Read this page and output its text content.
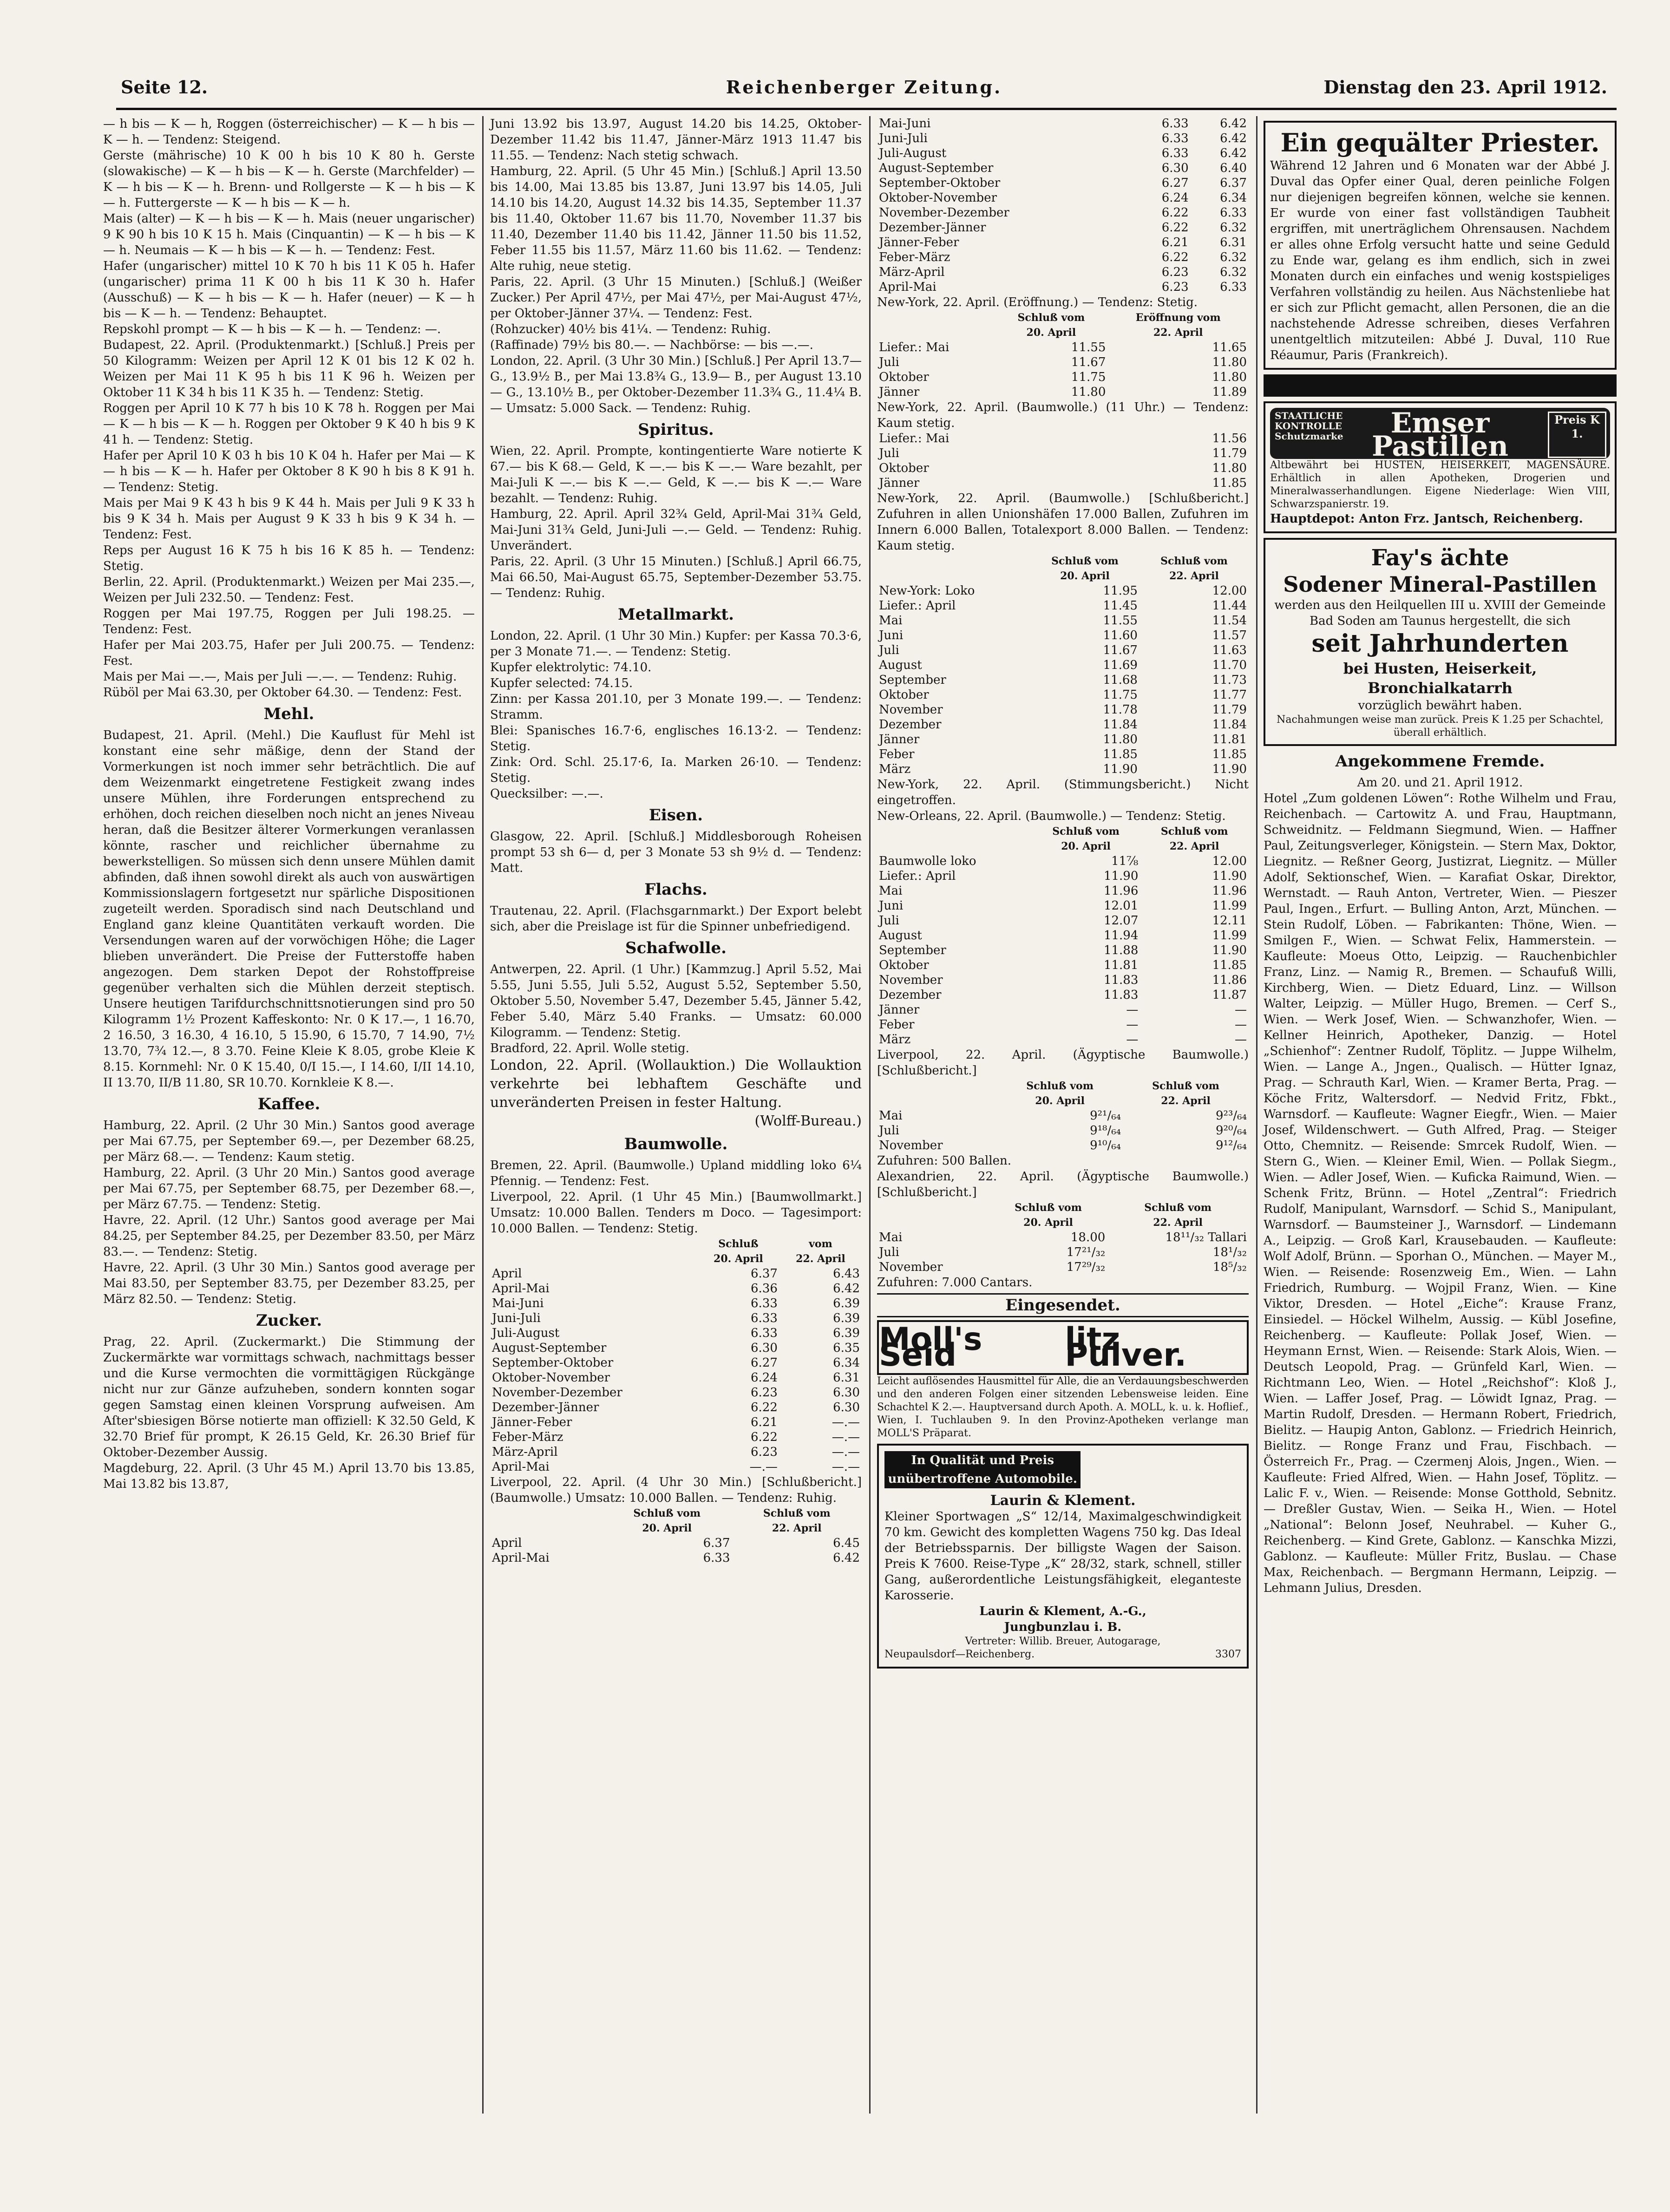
Seite 12.	Reichenberger Zeitung.	Dienstag den 23. April 1912.

— h bis — K — h, Roggen (österreichischer) — K — h bis — K — h. — Tendenz: Steigend.

Gerste (mährische) 10 K 00 h bis 10 K 80 h. Gerste (slowakische) — K — h bis — K — h. Gerste (Marchfelder) — K — h bis — K — h. Brenn- und Rollgerste — K — h bis — K — h. Futtergerste — K — h bis — K — h.

Mais (alter) — K — h bis — K — h. Mais (neuer ungarischer) 9 K 90 h bis 10 K 15 h. Mais (Cinquantin) — K — h bis — K — h. Neumais — K — h bis — K — h. — Tendenz: Fest.

Hafer (ungarischer) mittel 10 K 70 h bis 11 K 05 h. Hafer (ungarischer) prima 11 K 00 h bis 11 K 30 h. Hafer (Ausschuß) — K — h bis — K — h. Hafer (neuer) — K — h bis — K — h. — Tendenz: Behauptet.

Repskohl prompt — K — h bis — K — h. — Tendenz: —.

Budapest, 22. April. (Produktenmarkt.) [Schluß.] Preis per 50 Kilogramm: Weizen per April 12 K 01 bis 12 K 02 h. Weizen per Mai 11 K 95 h bis 11 K 96 h. Weizen per Oktober 11 K 34 h bis 11 K 35 h. — Tendenz: Stetig.

Roggen per April 10 K 77 h bis 10 K 78 h. Roggen per Mai — K — h bis — K — h. Roggen per Oktober 9 K 40 h bis 9 K 41 h. — Tendenz: Stetig.

Hafer per April 10 K 03 h bis 10 K 04 h. Hafer per Mai — K — h bis — K — h. Hafer per Oktober 8 K 90 h bis 8 K 91 h. — Tendenz: Stetig.

Mais per Mai 9 K 43 h bis 9 K 44 h. Mais per Juli 9 K 33 h bis 9 K 34 h. Mais per August 9 K 33 h bis 9 K 34 h. — Tendenz: Fest.

Reps per August 16 K 75 h bis 16 K 85 h. — Tendenz: Stetig.

Berlin, 22. April. (Produktenmarkt.) Weizen per Mai 235.—, Weizen per Juli 232.50. — Tendenz: Fest.

Roggen per Mai 197.75, Roggen per Juli 198.25. — Tendenz: Fest.

Hafer per Mai 203.75, Hafer per Juli 200.75. — Tendenz: Fest.

Mais per Mai —.—, Mais per Juli —.—. — Tendenz: Ruhig.

Rüböl per Mai 63.30, per Oktober 64.30. — Tendenz: Fest.

Mehl.

Budapest, 21. April. (Mehl.) Die Kauflust für Mehl ist konstant eine sehr mäßige, denn der Stand der Vormerkungen ist noch immer sehr beträchtlich. Die auf dem Weizenmarkt eingetretene Festigkeit zwang indes unsere Mühlen, ihre Forderungen entsprechend zu erhöhen, doch reichen dieselben noch nicht an jenes Niveau heran, daß die Besitzer älterer Vormerkungen veranlassen könnte, rascher und reichlicher übernahme zu bewerkstelligen. So müssen sich denn unsere Mühlen damit abfinden, daß ihnen sowohl direkt als auch von auswärtigen Kommissionslagern fortgesetzt nur spärliche Dispositionen zugeteilt werden. Sporadisch sind nach Deutschland und England ganz kleine Quantitäten verkauft worden. Die Versendungen waren auf der vorwöchigen Höhe; die Lager blieben unverändert. Die Preise der Futterstoffe haben angezogen. Dem starken Depot der Rohstoffpreise gegenüber verhalten sich die Mühlen derzeit steptisch. Unsere heutigen Tarifdurchschnittsnotierungen sind pro 50 Kilogramm 1½ Prozent Kaffeskonto: Nr. 0 K 17.—, 1 16.70, 2 16.50, 3 16.30, 4 16.10, 5 15.90, 6 15.70, 7 14.90, 7½ 13.70, 7¾ 12.—, 8 3.70. Feine Kleie K 8.05, grobe Kleie K 8.15. Kornmehl: Nr. 0 K 15.40, 0/I 15.—, I 14.60, I/II 14.10, II 13.70, II/B 11.80, SR 10.70. Kornkleie K 8.—.

Kaffee.

Hamburg, 22. April. (2 Uhr 30 Min.) Santos good average per Mai 67.75, per September 69.—, per Dezember 68.25, per März 68.—. — Tendenz: Kaum stetig.

Hamburg, 22. April. (3 Uhr 20 Min.) Santos good average per Mai 67.75, per September 68.75, per Dezember 68.—, per März 67.75. — Tendenz: Stetig.

Havre, 22. April. (12 Uhr.) Santos good average per Mai 84.25, per September 84.25, per Dezember 83.50, per März 83.—. — Tendenz: Stetig.

Havre, 22. April. (3 Uhr 30 Min.) Santos good average per Mai 83.50, per September 83.75, per Dezember 83.25, per März 82.50. — Tendenz: Stetig.

Zucker.

Prag, 22. April. (Zuckermarkt.) Die Stimmung der Zuckermärkte war vormittags schwach, nachmittags besser und die Kurse vermochten die vormittägigen Rückgänge nicht nur zur Gänze aufzuheben, sondern konnten sogar gegen Samstag einen kleinen Vorsprung aufweisen. Am Aſter'sbiesigen Börse notierte man offiziell: K 32.50 Geld, K 32.70 Brief für prompt, K 26.15 Geld, Kr. 26.30 Brief für Oktober-Dezember Aussig.

Magdeburg, 22. April. (3 Uhr 45 M.) April 13.70 bis 13.85, Mai 13.82 bis 13.87,

Juni 13.92 bis 13.97, August 14.20 bis 14.25, Oktober-Dezember 11.42 bis 11.47, Jänner-März 1913 11.47 bis 11.55. — Tendenz: Nach stetig schwach.

Hamburg, 22. April. (5 Uhr 45 Min.) [Schluß.] April 13.50 bis 14.00, Mai 13.85 bis 13.87, Juni 13.97 bis 14.05, Juli 14.10 bis 14.20, August 14.32 bis 14.35, September 11.37 bis 11.40, Oktober 11.67 bis 11.70, November 11.37 bis 11.40, Dezember 11.40 bis 11.42, Jänner 11.50 bis 11.52, Feber 11.55 bis 11.57, März 11.60 bis 11.62. — Tendenz: Alte ruhig, neue stetig.

Paris, 22. April. (3 Uhr 15 Minuten.) [Schluß.] (Weißer Zucker.) Per April 47½, per Mai 47½, per Mai-August 47½, per Oktober-Jänner 37¼. — Tendenz: Fest.

(Rohzucker) 40½ bis 41¼. — Tendenz: Ruhig.

(Raffinade) 79½ bis 80.—. — Nachbörse: — bis —.—.

London, 22. April. (3 Uhr 30 Min.) [Schluß.] Per April 13.7— G., 13.9½ B., per Mai 13.8¾ G., 13.9— B., per August 13.10— G., 13.10½ B., per Oktober-Dezember 11.3¾ G., 11.4¼ B. — Umsatz: 5.000 Sack. — Tendenz: Ruhig.

Spiritus.

Wien, 22. April. Prompte, kontingentierte Ware notierte K 67.— bis K 68.— Geld, K —.— bis K —.— Ware bezahlt, per Mai-Juli K —.— bis K —.— Geld, K —.— bis K —.— Ware bezahlt. — Tendenz: Ruhig.

Hamburg, 22. April. April 32¾ Geld, April-Mai 31¾ Geld, Mai-Juni 31¾ Geld, Juni-Juli —.— Geld. — Tendenz: Ruhig. Unverändert.

Paris, 22. April. (3 Uhr 15 Minuten.) [Schluß.] April 66.75, Mai 66.50, Mai-August 65.75, September-Dezember 53.75. — Tendenz: Ruhig.

Metallmarkt.

London, 22. April. (1 Uhr 30 Min.) Kupfer: per Kassa 70.3·6, per 3 Monate 71.—. — Tendenz: Stetig.

Kupfer elektrolytic: 74.10.

Kupfer selected: 74.15.

Zinn: per Kassa 201.10, per 3 Monate 199.—. — Tendenz: Stramm.

Blei: Spanisches 16.7·6, englisches 16.13·2. — Tendenz: Stetig.

Zink: Ord. Schl. 25.17·6, Ia. Marken 26·10. — Tendenz: Stetig.

Quecksilber: —.—.

Eisen.

Glasgow, 22. April. [Schluß.] Middlesborough Roheisen prompt 53 sh 6— d, per 3 Monate 53 sh 9½ d. — Tendenz: Matt.

Flachs.

Trautenau, 22. April. (Flachsgarnmarkt.) Der Export belebt sich, aber die Preislage ist für die Spinner unbefriedigend.

Schafwolle.

Antwerpen, 22. April. (1 Uhr.) [Kammzug.] April 5.52, Mai 5.55, Juni 5.55, Juli 5.52, August 5.52, September 5.50, Oktober 5.50, November 5.47, Dezember 5.45, Jänner 5.42, Feber 5.40, März 5.40 Franks. — Umsatz: 60.000 Kilogramm. — Tendenz: Stetig.

Bradford, 22. April. Wolle stetig.

London, 22. April. (Wollauktion.) Die Wollauktion verkehrte bei lebhaftem Geschäfte und unveränderten Preisen in fester Haltung.

(Wolff-Bureau.)

Baumwolle.

Bremen, 22. April. (Baumwolle.) Upland middling loko 6¼ Pfennig. — Tendenz: Fest.

Liverpool, 22. April. (1 Uhr 45 Min.) [Baumwollmarkt.] Umsatz: 10.000 Ballen. Tenders m Doco. — Tagesimport: 10.000 Ballen. — Tendenz: Stetig.

	Schluß	vom
	20. April	22. April
April	6.37	6.43
April-Mai	6.36	6.42
Mai-Juni	6.33	6.39
Juni-Juli	6.33	6.39
Juli-August	6.33	6.39
August-September	6.30	6.35
September-Oktober	6.27	6.34
Oktober-November	6.24	6.31
November-Dezember	6.23	6.30
Dezember-Jänner	6.22	6.30
Jänner-Feber	6.21	—.—
Feber-März	6.22	—.—
März-April	6.23	—.—
April-Mai	—.—	—.—

Liverpool, 22. April. (4 Uhr 30 Min.) [Schlußbericht.] (Baumwolle.) Umsatz: 10.000 Ballen. — Tendenz: Ruhig.

	Schluß vom	Schluß vom
	20. April	22. April
April	6.37	6.45
April-Mai	6.33	6.42
Mai-Juni	6.33	6.42
Juni-Juli	6.33	6.42
Juli-August	6.33	6.42
August-September	6.30	6.40
September-Oktober	6.27	6.37
Oktober-November	6.24	6.34
November-Dezember	6.22	6.33
Dezember-Jänner	6.22	6.32
Jänner-Feber	6.21	6.31
Feber-März	6.22	6.32
März-April	6.23	6.32
April-Mai	6.23	6.33

New-York, 22. April. (Eröffnung.) — Tendenz: Stetig.

	Schluß vom	Eröffnung vom
	20. April	22. April
Liefer.: Mai	11.55	11.65
Juli	11.67	11.80
Oktober	11.75	11.80
Jänner	11.80	11.89

New-York, 22. April. (Baumwolle.) (11 Uhr.) — Tendenz: Kaum stetig.

Liefer.: Mai	11.56
Juli	11.79
Oktober	11.80
Jänner	11.85

New-York, 22. April. (Baumwolle.) [Schlußbericht.] Zufuhren in allen Unionshäfen 17.000 Ballen, Zufuhren im Innern 6.000 Ballen, Totalexport 8.000 Ballen. — Tendenz: Kaum stetig.

	Schluß vom	Schluß vom
	20. April	22. April
New-York: Loko	11.95	12.00
Liefer.: April	11.45	11.44
Mai	11.55	11.54
Juni	11.60	11.57
Juli	11.67	11.63
August	11.69	11.70
September	11.68	11.73
Oktober	11.75	11.77
November	11.78	11.79
Dezember	11.84	11.84
Jänner	11.80	11.81
Feber	11.85	11.85
März	11.90	11.90

New-York, 22. April. (Stimmungsbericht.) Nicht eingetroffen.

New-Orleans, 22. April. (Baumwolle.) — Tendenz: Stetig.

	Schluß vom	Schluß vom
	20. April	22. April
Baumwolle loko	11⅞	12.00
Liefer.: April	11.90	11.90
Mai	11.96	11.96
Juni	12.01	11.99
Juli	12.07	12.11
August	11.94	11.99
September	11.88	11.90
Oktober	11.81	11.85
November	11.83	11.86
Dezember	11.83	11.87
Jänner	—	—
Feber	—	—
März	—	—

Liverpool, 22. April. (Ägyptische Baumwolle.) [Schlußbericht.]

	Schluß vom	Schluß vom
	20. April	22. April
Mai	9²¹/₆₄	9²³/₆₄
Juli	9¹⁸/₆₄	9²⁰/₆₄
November	9¹⁰/₆₄	9¹²/₆₄

Zufuhren: 500 Ballen.

Alexandrien, 22. April. (Ägyptische Baumwolle.) [Schlußbericht.]

	Schluß vom	Schluß vom
	20. April	22. April
Mai	18.00	18¹¹/₃₂ Tallari
Juli	17²¹/₃₂	18¹/₃₂
November	17²⁹/₃₂	18⁵/₃₂

Zufuhren: 7.000 Cantars.

Eingesendet.

Moll's Seid	litz Pulver.

Leicht auflösendes Hausmittel für Alle, die an Verdauungsbeschwerden und den anderen Folgen einer sitzenden Lebensweise leiden. Eine Schachtel K 2.—. Hauptversand durch Apoth. A. MOLL, k. u. k. Hoflief., Wien, I. Tuchlauben 9. In den Provinz-Apotheken verlange man MOLL'S Präparat.

In Qualität und Preis
unübertroffene Automobile.

Laurin & Klement.

Kleiner Sportwagen „S“ 12/14, Maximalgeschwindigkeit 70 km. Gewicht des kompletten Wagens 750 kg. Das Ideal der Betriebssparnis. Der billigste Wagen der Saison. Preis K 7600. Reise-Type „K“ 28/32, stark, schnell, stiller Gang, außerordentliche Leistungsfähigkeit, eleganteste Karosserie.

Laurin & Klement, A.-G.,

Jungbunzlau i. B.

Vertreter: Willib. Breuer, Autogarage,

Neupaulsdorf—Reichenberg.	3307

Ein gequälter Priester.

Während 12 Jahren und 6 Monaten war der Abbé J. Duval das Opfer einer Qual, deren peinliche Folgen nur diejenigen begreifen können, welche sie kennen. Er wurde von einer fast vollständigen Taubheit ergriffen, mit unerträglichem Ohrensausen. Nachdem er alles ohne Erfolg versucht hatte und seine Geduld zu Ende war, gelang es ihm endlich, sich in zwei Monaten durch ein einfaches und wenig kostspieliges Verfahren vollständig zu heilen. Aus Nächstenliebe hat er sich zur Pflicht gemacht, allen Personen, die an die nachstehende Adresse schreiben, dieses Verfahren unentgeltlich mitzuteilen: Abbé J. Duval, 110 Rue Réaumur, Paris (Frankreich).

STAATLICHE
KONTROLLE
Schutzmarke	Emser
Pastillen
Preis K 1.

Altbewährt bei HUSTEN, HEISERKEIT, MAGENSÄURE. Erhältlich in allen Apotheken, Drogerien und Mineralwasserhandlungen. Eigene Niederlage: Wien VIII, Schwarzspanierstr. 19.

Hauptdepot: Anton Frz. Jantsch, Reichenberg.

Fay's ächte

Sodener Mineral-Pastillen

werden aus den Heilquellen III u. XVIII der Gemeinde Bad Soden am Taunus hergestellt, die sich

seit Jahrhunderten

bei Husten, Heiserkeit, Bronchialkatarrh

vorzüglich bewährt haben.

Nachahmungen weise man zurück. Preis K 1.25 per Schachtel, überall erhältlich.

Angekommene Fremde.

Am 20. und 21. April 1912.

Hotel „Zum goldenen Löwen“: Rothe Wilhelm und Frau, Reichenbach. — Cartowitz A. und Frau, Hauptmann, Schweidnitz. — Feldmann Siegmund, Wien. — Haffner Paul, Zeitungsverleger, Königstein. — Stern Max, Doktor, Liegnitz. — Reßner Georg, Justizrat, Liegnitz. — Müller Adolf, Sektionschef, Wien. — Karafiat Oskar, Direktor, Wernstadt. — Rauh Anton, Vertreter, Wien. — Pieszer Paul, Ingen., Erfurt. — Bulling Anton, Arzt, München. — Stein Rudolf, Löben. — Fabrikanten: Thöne, Wien. — Smilgen F., Wien. — Schwat Felix, Hammerstein. — Kaufleute: Moeus Otto, Leipzig. — Rauchenbichler Franz, Linz. — Namig R., Bremen. — Schaufuß Willi, Kirchberg, Wien. — Dietz Eduard, Linz. — Willson Walter, Leipzig. — Müller Hugo, Bremen. — Cerf S., Wien. — Werk Josef, Wien. — Schwanzhofer, Wien. — Kellner Heinrich, Apotheker, Danzig. — Hotel „Schienhof“: Zentner Rudolf, Töplitz. — Juppe Wilhelm, Wien. — Lange A., Jngen., Qualisch. — Hütter Ignaz, Prag. — Schrauth Karl, Wien. — Kramer Berta, Prag. — Köche Fritz, Waltersdorf. — Nedvid Fritz, Fbkt., Warnsdorf. — Kaufleute: Wagner Eiegfr., Wien. — Maier Josef, Wildenschwert. — Guth Alfred, Prag. — Steiger Otto, Chemnitz. — Reisende: Smrcek Rudolf, Wien. — Stern G., Wien. — Kleiner Emil, Wien. — Pollak Siegm., Wien. — Adler Josef, Wien. — Kuficka Raimund, Wien. — Schenk Fritz, Brünn. — Hotel „Zentral“: Friedrich Rudolf, Manipulant, Warnsdorf. — Schid S., Manipulant, Warnsdorf. — Baumsteiner J., Warnsdorf. — Lindemann A., Leipzig. — Groß Karl, Krausebauden. — Kaufleute: Wolf Adolf, Brünn. — Sporhan O., München. — Mayer M., Wien. — Reisende: Rosenzweig Em., Wien. — Lahn Friedrich, Rumburg. — Wojpil Franz, Wien. — Kine Viktor, Dresden. — Hotel „Eiche“: Krause Franz, Einsiedel. — Höckel Wilhelm, Aussig. — Kübl Josefine, Reichenberg. — Kaufleute: Pollak Josef, Wien. — Heymann Ernst, Wien. — Reisende: Stark Alois, Wien. — Deutsch Leopold, Prag. — Grünfeld Karl, Wien. — Richtmann Leo, Wien. — Hotel „Reichshof“: Kloß J., Wien. — Laffer Josef, Prag. — Löwidt Ignaz, Prag. — Martin Rudolf, Dresden. — Hermann Robert, Friedrich, Bielitz. — Haupig Anton, Gablonz. — Friedrich Heinrich, Bielitz. — Ronge Franz und Frau, Fischbach. — Österreich Fr., Prag. — Czermenj Alois, Jngen., Wien. — Kaufleute: Fried Alfred, Wien. — Hahn Josef, Töplitz. — Lalic F. v., Wien. — Reisende: Monse Gotthold, Sebnitz. — Dreßler Gustav, Wien. — Seika H., Wien. — Hotel „National“: Belonn Josef, Neuhrabel. — Kuher G., Reichenberg. — Kind Grete, Gablonz. — Kanschka Mizzi, Gablonz. — Kaufleute: Müller Fritz, Buslau. — Chase Max, Reichenbach. — Bergmann Hermann, Leipzig. — Lehmann Julius, Dresden.
